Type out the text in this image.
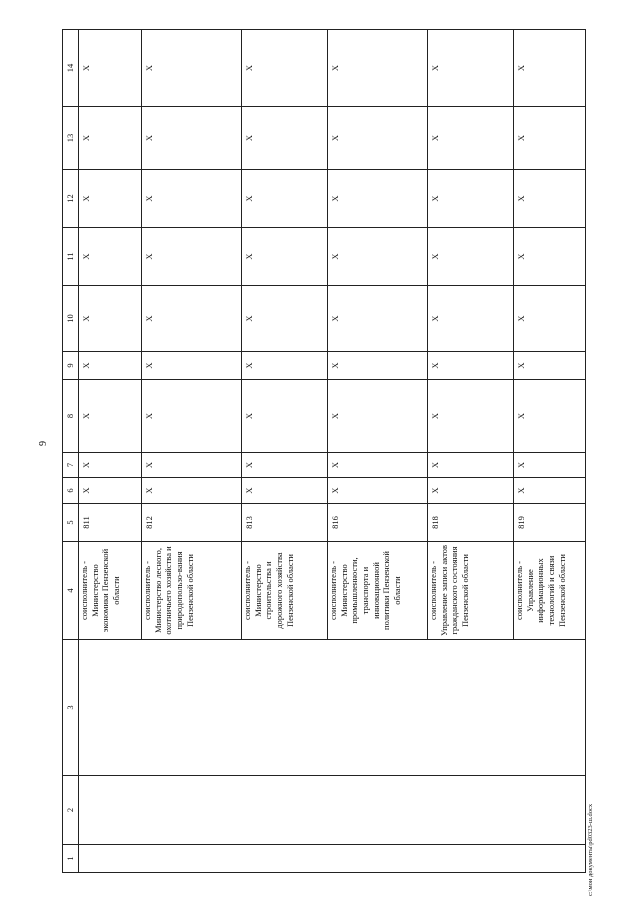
9
1	2	3	4	5	6	7	8	9	10	11	12	13	14
			соисполнитель - Министерство экономики Пензенской области	811	X	X	X	X	X	X	X	X	X
			соисполнитель - Министерство лесного, охотничьего хозяйства и природопользо-вания Пензенской области	812	X	X	X	X	X	X	X	X	X
			соисполнитель - Министерство строительства и дорожного хозяйства Пензенской области	813	X	X	X	X	X	X	X	X	X
			соисполнитель - Министерство промышленности, транспорта и инновационной политики Пензенской области	816	X	X	X	X	X	X	X	X	X
			соисполнитель - Управление записи актов гражданского состояния Пензенской области	818	X	X	X	X	X	X	X	X	X
			соисполнитель - Управление информационных технологий и связи Пензенской области	819	X	X	X	X	X	X	X	X	X
c:\мои документы\pd0323-ш.docx
